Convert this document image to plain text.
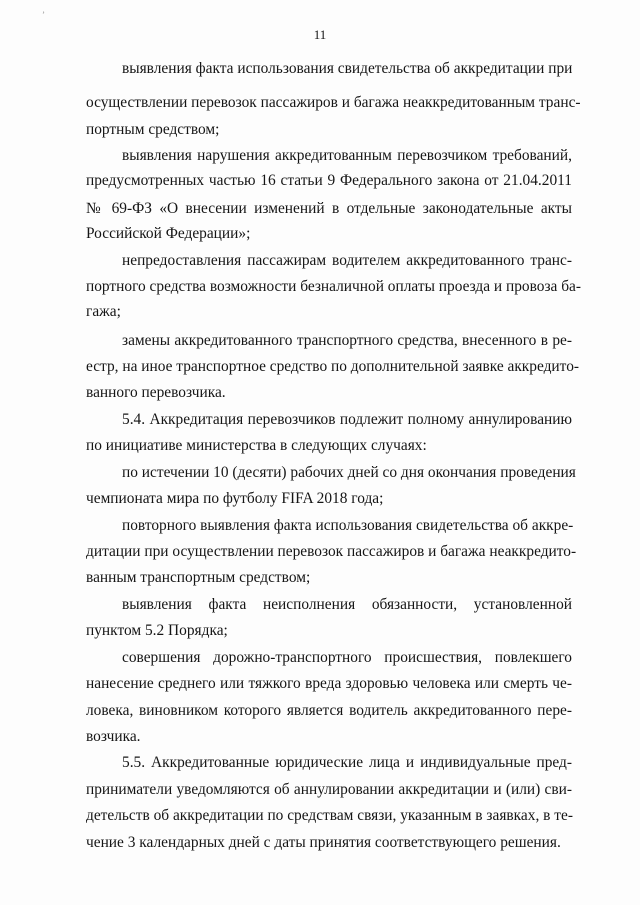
ʼ
11
выявления факта использования свидетельства об аккредитации при
осуществлении перевозок пассажиров и багажа неаккредитованным транс-
портным средством;
выявления нарушения аккредитованным перевозчиком требований,
предусмотренных частью 16 статьи 9 Федерального закона от 21.04.2011
№ 69-ФЗ «О внесении изменений в отдельные законодательные акты
Российской Федерации»;
непредоставления пассажирам водителем аккредитованного транс-
портного средства возможности безналичной оплаты проезда и провоза ба-
гажа;
замены аккредитованного транспортного средства, внесенного в ре-
естр, на иное транспортное средство по дополнительной заявке аккредито-
ванного перевозчика.
5.4. Аккредитация перевозчиков подлежит полному аннулированию
по инициативе министерства в следующих случаях:
по истечении 10 (десяти) рабочих дней со дня окончания проведения
чемпионата мира по футболу FIFA 2018 года;
повторного выявления факта использования свидетельства об аккре-
дитации при осуществлении перевозок пассажиров и багажа неаккредито-
ванным транспортным средством;
выявления факта неисполнения обязанности, установленной
пунктом 5.2 Порядка;
совершения дорожно-транспортного происшествия, повлекшего
нанесение среднего или тяжкого вреда здоровью человека или смерть че-
ловека, виновником которого является водитель аккредитованного пере-
возчика.
5.5. Аккредитованные юридические лица и индивидуальные пред-
приниматели уведомляются об аннулировании аккредитации и (или) сви-
детельств об аккредитации по средствам связи, указанным в заявках, в те-
чение 3 календарных дней с даты принятия соответствующего решения.
